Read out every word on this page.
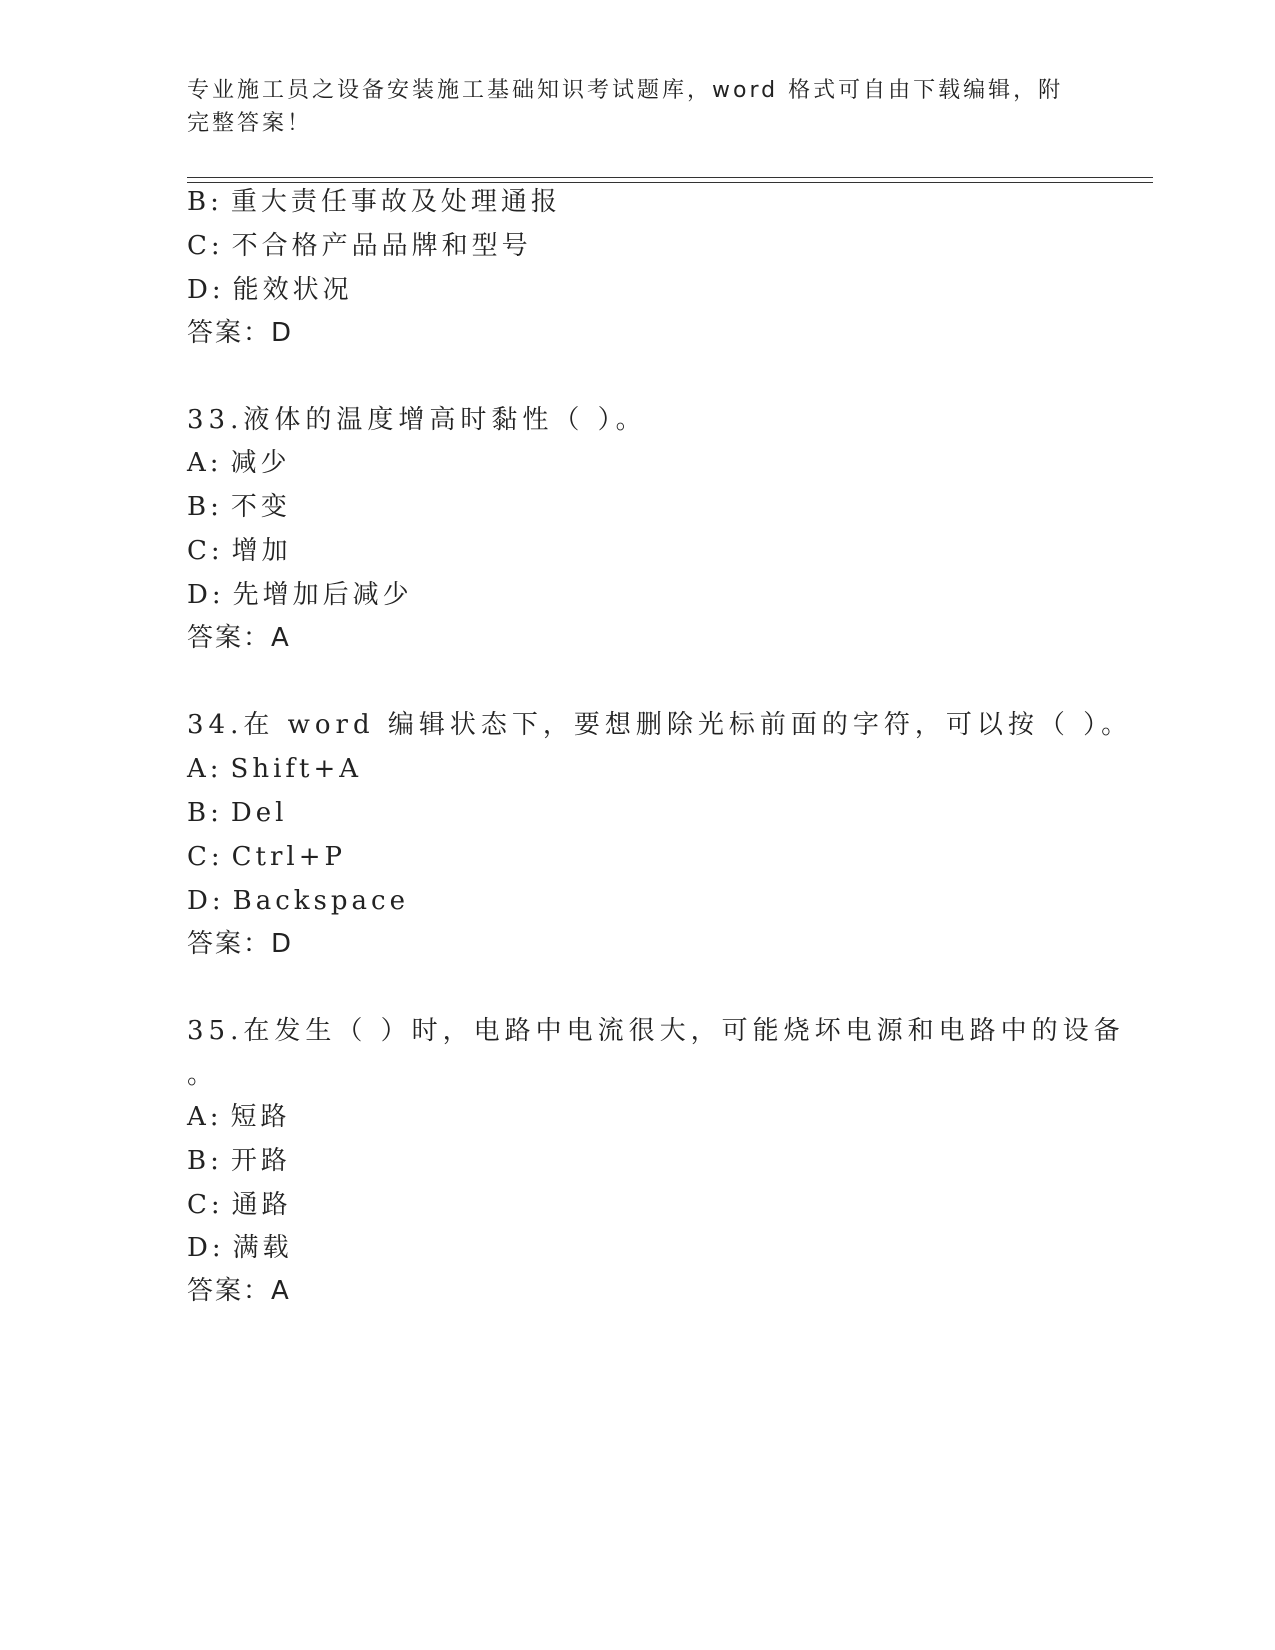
专业施工员之设备安装施工基础知识考试题库，word 格式可自由下载编辑，附完整答案！
B: 重大责任事故及处理通报
C: 不合格产品品牌和型号
D: 能效状况
答案：D
33.液体的温度增高时黏性（ ）。
A: 减少
B: 不变
C: 增加
D: 先增加后减少
答案：A
34.在 word 编辑状态下，要想删除光标前面的字符，可以按（ ）。
A: Shift+A
B: Del
C: Ctrl+P
D: Backspace
答案：D
35.在发生（ ）时，电路中电流很大，可能烧坏电源和电路中的设备
。
A: 短路
B: 开路
C: 通路
D: 满载
答案：A
